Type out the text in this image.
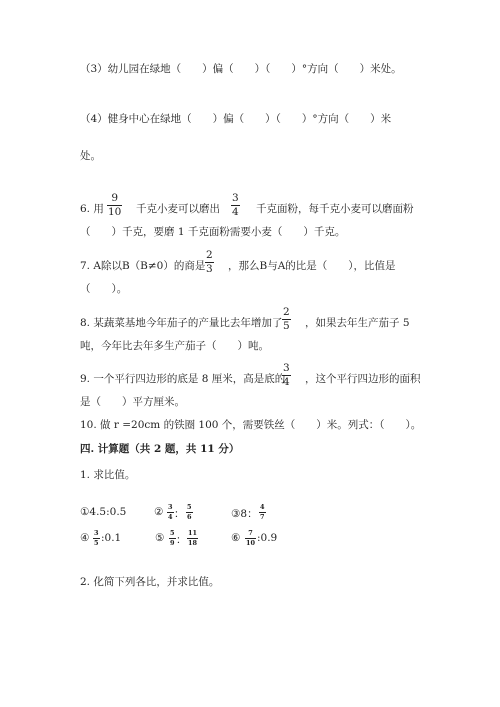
（3）幼儿园在绿地（　　）偏（　　）（　　）°方向（　　）米处。
（4）健身中心在绿地（　　）偏（　　）（　　）°方向（　　）米
处。
6. 用
9
10 千克小麦可以磨出
3
4 千克面粉，每千克小麦可以磨面粉
（　　）千克，要磨 1 千克面粉需要小麦（　　）千克。
7. A除以B（B≠0）的商是
2
3 ，那么B与A的比是（　　），比值是
（　　）。
8. 某蔬菜基地今年茄子的产量比去年增加了
2
5 ，如果去年生产茄子 5
吨，今年比去年多生产茄子（　　）吨。
9. 一个平行四边形的底是 8 厘米，高是底的
3
4 ，这个平行四边形的面积
是（　　）平方厘米。
10. 做 r =20cm 的铁圈 100 个，需要铁丝（　　）米。列式：（　　）。
四. 计算题（共 2 题，共 11 分）
1. 求比值。
①4.5:0.5	② 3
4 ：
5
6	③8：
4
7
④ 3
5 :0.1	⑤ 5
9 ：
11
18	⑥ 7
10 :0.9
2. 化简下列各比，并求比值。
